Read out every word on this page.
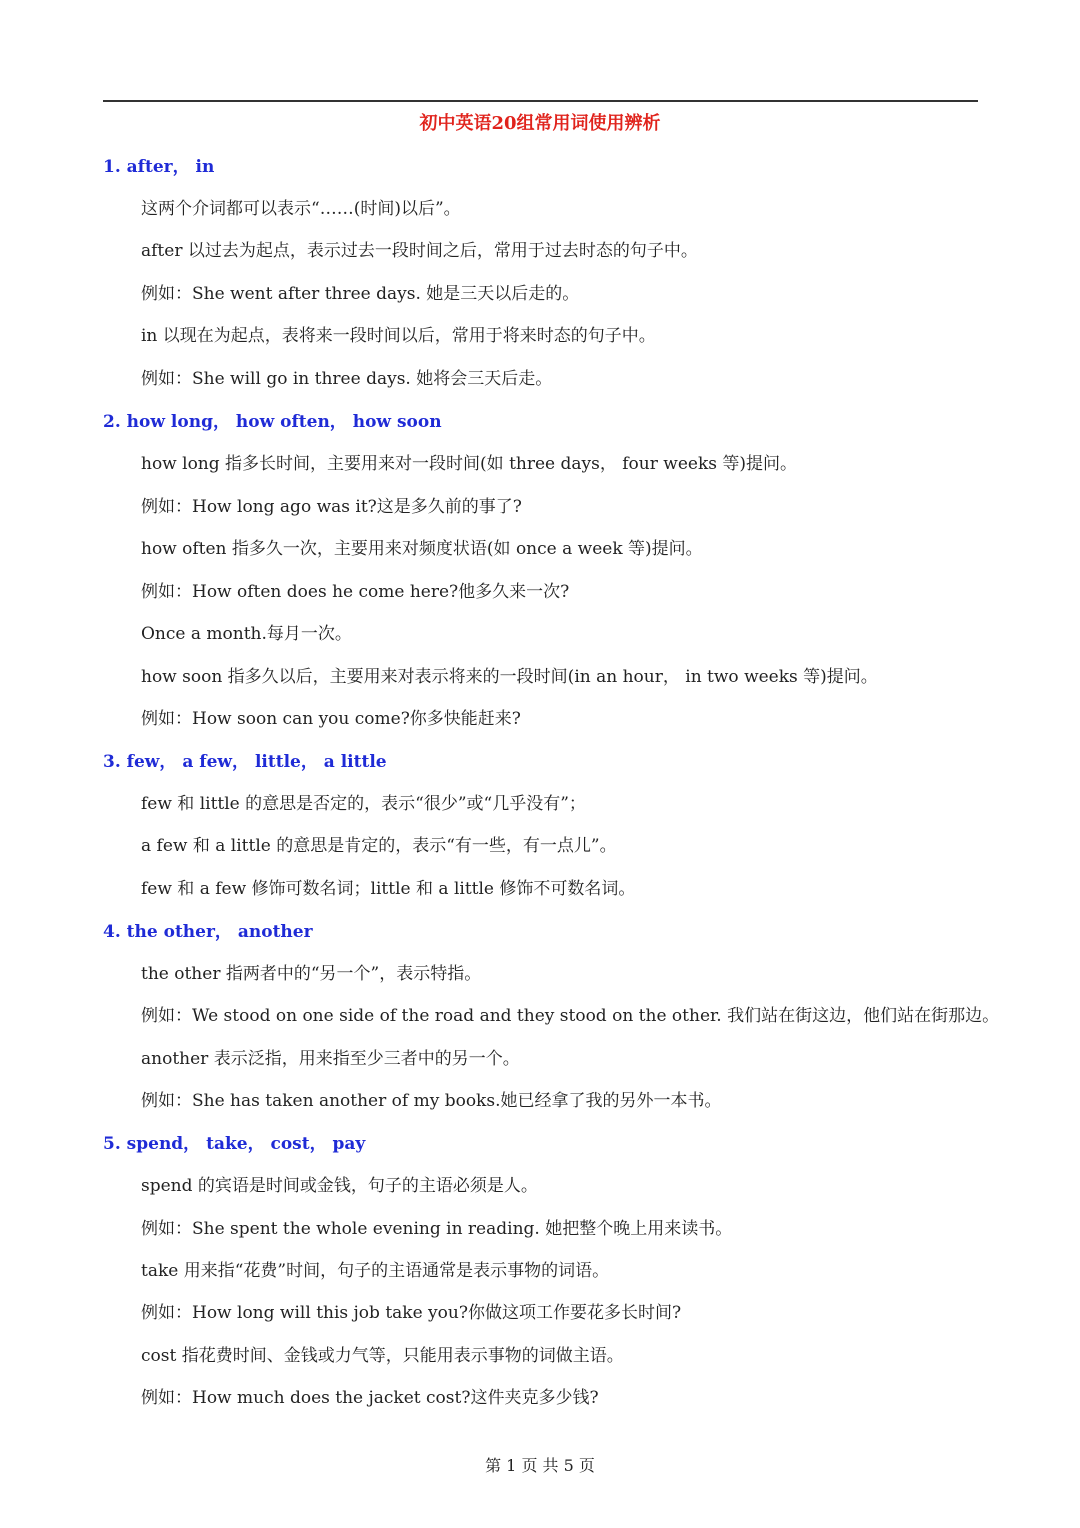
初中英语20组常用词使用辨析
1. after， in
这两个介词都可以表示“……(时间)以后”。
after 以过去为起点，表示过去一段时间之后，常用于过去时态的句子中。
例如：She went after three days. 她是三天以后走的。
in 以现在为起点，表将来一段时间以后，常用于将来时态的句子中。
例如：She will go in three days. 她将会三天后走。
2. how long， how often， how soon
how long 指多长时间，主要用来对一段时间(如 three days， four weeks 等)提问。
例如：How long ago was it?这是多久前的事了?
how often 指多久一次，主要用来对频度状语(如 once a week 等)提问。
例如：How often does he come here?他多久来一次?
Once a month.每月一次。
how soon 指多久以后，主要用来对表示将来的一段时间(in an hour， in two weeks 等)提问。
例如：How soon can you come?你多快能赶来?
3. few， a few， little， a little
few 和 little 的意思是否定的，表示“很少”或“几乎没有”；
a few 和 a little 的意思是肯定的，表示“有一些，有一点儿”。
few 和 a few 修饰可数名词；little 和 a little 修饰不可数名词。
4. the other， another
the other 指两者中的“另一个”，表示特指。
例如：We stood on one side of the road and they stood on the other. 我们站在街这边，他们站在街那边。
another 表示泛指，用来指至少三者中的另一个。
例如：She has taken another of my books.她已经拿了我的另外一本书。
5. spend， take， cost， pay
spend 的宾语是时间或金钱，句子的主语必须是人。
例如：She spent the whole evening in reading. 她把整个晚上用来读书。
take 用来指“花费”时间，句子的主语通常是表示事物的词语。
例如：How long will this job take you?你做这项工作要花多长时间?
cost 指花费时间、金钱或力气等，只能用表示事物的词做主语。
例如：How much does the jacket cost?这件夹克多少钱?
第 1 页 共 5 页
